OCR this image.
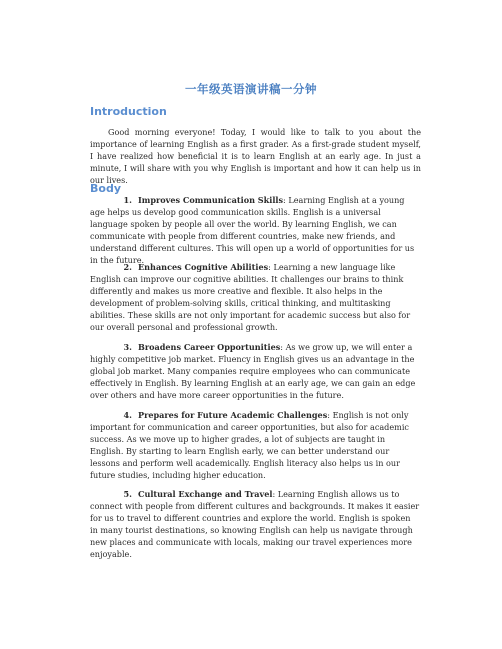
一年级英语演讲稿一分钟
Introduction
Good morning everyone! Today, I would like to talk to you about the importance of learning English as a first grader. As a first-grade student myself, I have realized how beneficial it is to learn English at an early age. In just a minute, I will share with you why English is important and how it can help us in our lives.
Body
1. Improves Communication Skills: Learning English at a young age helps us develop good communication skills. English is a universal language spoken by people all over the world. By learning English, we can communicate with people from different countries, make new friends, and understand different cultures. This will open up a world of opportunities for us in the future.
2. Enhances Cognitive Abilities: Learning a new language like English can improve our cognitive abilities. It challenges our brains to think differently and makes us more creative and flexible. It also helps in the development of problem-solving skills, critical thinking, and multitasking abilities. These skills are not only important for academic success but also for our overall personal and professional growth.
3. Broadens Career Opportunities: As we grow up, we will enter a highly competitive job market. Fluency in English gives us an advantage in the global job market. Many companies require employees who can communicate effectively in English. By learning English at an early age, we can gain an edge over others and have more career opportunities in the future.
4. Prepares for Future Academic Challenges: English is not only important for communication and career opportunities, but also for academic success. As we move up to higher grades, a lot of subjects are taught in English. By starting to learn English early, we can better understand our lessons and perform well academically. English literacy also helps us in our future studies, including higher education.
5. Cultural Exchange and Travel: Learning English allows us to connect with people from different cultures and backgrounds. It makes it easier for us to travel to different countries and explore the world. English is spoken in many tourist destinations, so knowing English can help us navigate through new places and communicate with locals, making our travel experiences more enjoyable.
